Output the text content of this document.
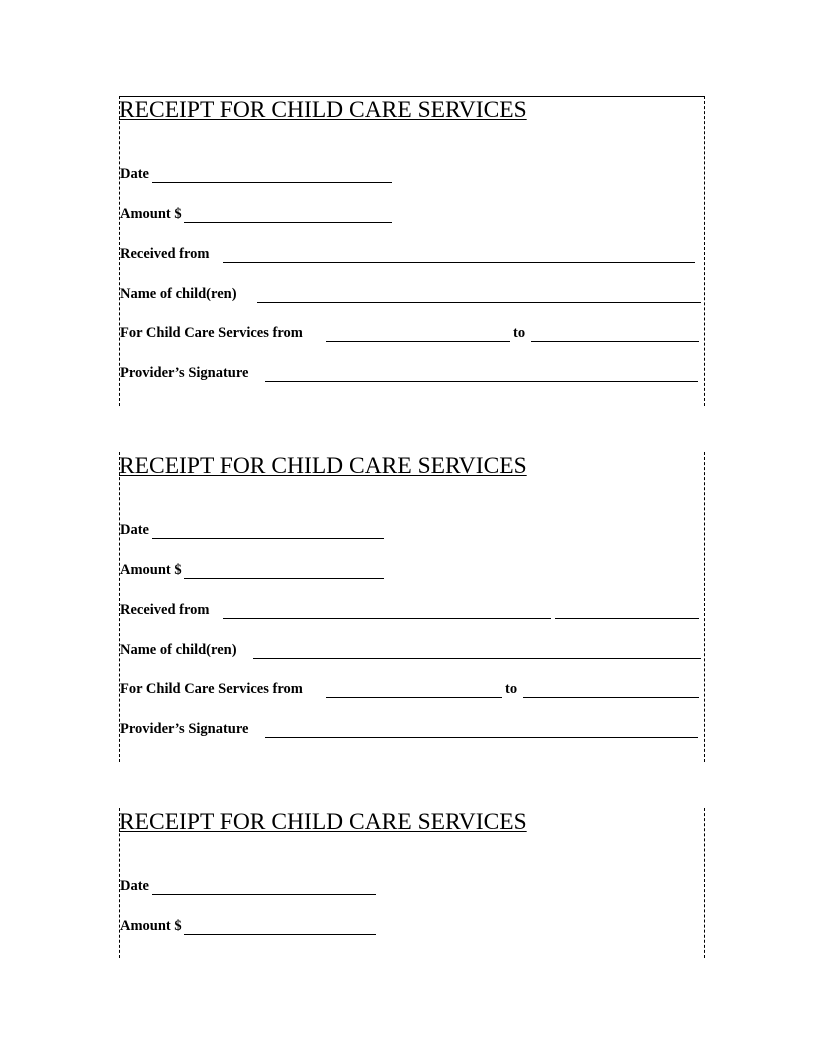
RECEIPT FOR CHILD CARE SERVICES
Date
Amount $
Received from
Name of child(ren)
For Child Care Services from	to
Provider’s Signature
RECEIPT FOR CHILD CARE SERVICES
Date
Amount $
Received from
Name of child(ren)
For Child Care Services from	to
Provider’s Signature
RECEIPT FOR CHILD CARE SERVICES
Date
Amount $
